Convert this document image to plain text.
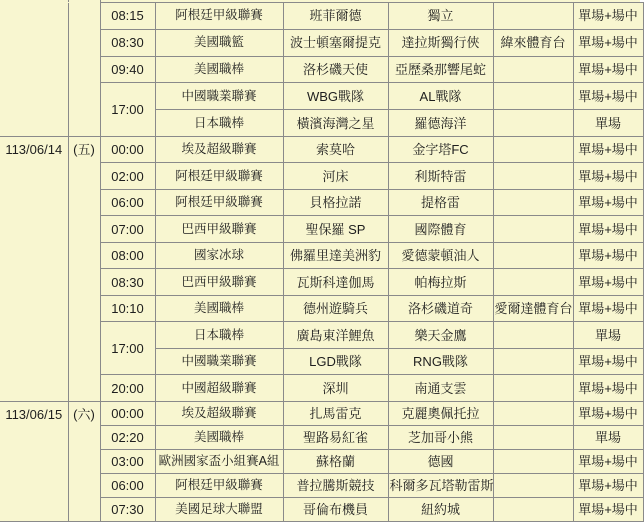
		08:15	阿根廷甲級聯賽	班菲爾德	獨立		單場+場中
		08:30	美國職籃	波士頓塞爾提克	達拉斯獨行俠	緯來體育台	單場+場中
		09:40	美國職棒	洛杉磯天使	亞歷桑那響尾蛇		單場+場中
		17:00	中國職業聯賽	WBG戰隊	AL戰隊		單場+場中
			日本職棒	橫濱海灣之星	羅德海洋		單場
113/06/14	(五)	00:00	埃及超級聯賽	索莫哈	金字塔FC		單場+場中
		02:00	阿根廷甲級聯賽	河床	利斯特雷		單場+場中
		06:00	阿根廷甲級聯賽	貝格拉諾	提格雷		單場+場中
		07:00	巴西甲級聯賽	聖保羅 SP	國際體育		單場+場中
		08:00	國家冰球	佛羅里達美洲豹	愛德蒙頓油人		單場+場中
		08:30	巴西甲級聯賽	瓦斯科達伽馬	帕梅拉斯		單場+場中
		10:10	美國職棒	德州遊騎兵	洛杉磯道奇	愛爾達體育台	單場+場中
		17:00	日本職棒	廣島東洋鯉魚	樂天金鷹		單場
			中國職業聯賽	LGD戰隊	RNG戰隊		單場+場中
		20:00	中國超級聯賽	深圳	南通支雲		單場+場中
113/06/15	(六)	00:00	埃及超級聯賽	扎馬雷克	克麗奧佩托拉		單場+場中
		02:20	美國職棒	聖路易紅雀	芝加哥小熊		單場
		03:00	歐洲國家盃小組賽A組	蘇格蘭	德國		單場+場中
		06:00	阿根廷甲級聯賽	普拉騰斯競技	科爾多瓦塔勒雷斯		單場+場中
		07:30	美國足球大聯盟	哥倫布機員	紐約城		單場+場中
